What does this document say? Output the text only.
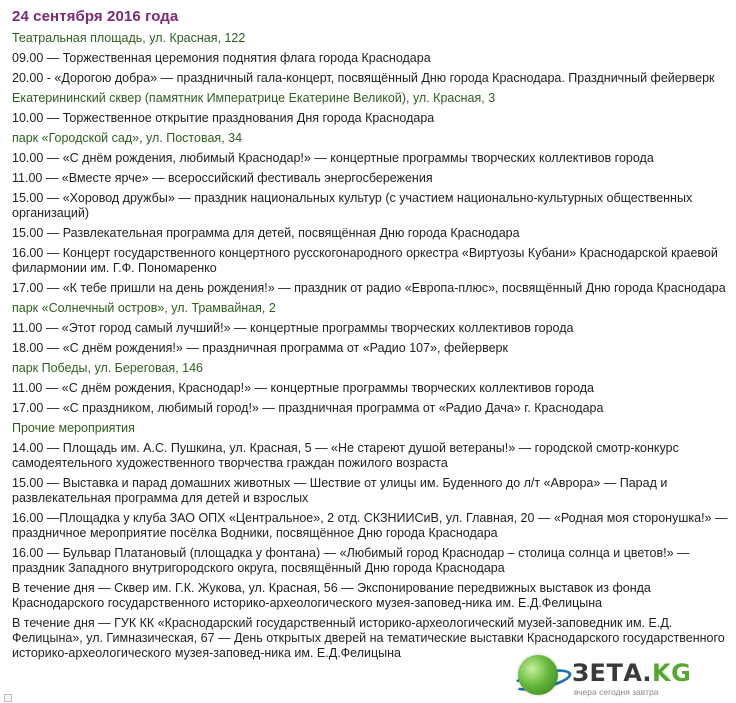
24 сентября 2016 года
Театральная площадь, ул. Красная, 122
09.00 — Торжественная церемония поднятия флага города Краснодара
20.00 - «Дорогою добра» — праздничный гала-концерт, посвящённый Дню города Краснодара. Праздничный фейерверк
Екатерининский сквер (памятник Императрице Екатерине Великой), ул. Красная, 3
10.00 — Торжественное открытие празднования Дня города Краснодара
парк «Городской сад», ул. Постовая, 34
10.00 — «С днём рождения, любимый Краснодар!» — концертные программы творческих коллективов города
11.00 — «Вместе ярче» — всероссийский фестиваль энергосбережения
15.00 — «Хоровод дружбы» — праздник национальных культур (с участием национально-культурных общественных организаций)
15.00 — Развлекательная программа для детей, посвящённая Дню города Краснодара
16.00 — Концерт государственного концертного русскогонародного оркестра «Виртуозы Кубани» Краснодарской краевой филармонии им. Г.Ф. Пономаренко
17.00 — «К тебе пришли на день рождения!» — праздник от радио «Европа-плюс», посвящённый Дню города Краснодара
парк «Солнечный остров», ул. Трамвайная, 2
11.00 — «Этот город самый лучший!» — концертные программы творческих коллективов города
18.00 — «С днём рождения!» — праздничная программа от «Радио 107», фейерверк
парк Победы, ул. Береговая, 146
11.00 — «С днём рождения, Краснодар!» — концертные программы творческих коллективов города
17.00 — «С праздником, любимый город!» — праздничная программа от «Радио Дача» г. Краснодара
Прочие мероприятия
14.00 — Площадь им. А.С. Пушкина, ул. Красная, 5 — «Не стареют душой ветераны!» — городской смотр-конкурс самодеятельного художественного творчества граждан пожилого возраста
15.00 — Выставка и парад домашних животных — Шествие от улицы им. Буденного до л/т «Аврора» — Парад и развлекательная программа для детей и взрослых
16.00 —Площадка у клуба ЗАО ОПХ «Центральное», 2 отд. СКЗНИИСиВ, ул. Главная, 20 — «Родная моя сторонушка!» — праздничное мероприятие посёлка Водники, посвящённое Дню города Краснодара
16.00 — Бульвар Платановый (площадка у фонтана) — «Любимый город Краснодар – столица солнца и цветов!» — праздник Западного внутригородского округа, посвящённый Дню города Краснодара
В течение дня — Сквер им. Г.К. Жукова, ул. Красная, 56 — Экспонирование передвижных выставок из фонда Краснодарского государственного историко-археологического музея-заповед-ника им. Е.Д.Фелицына
В течение дня — ГУК КК «Краснодарский государственный историко-археологический музей-заповедник им. Е.Д. Фелицына», ул. Гимназическая, 67 — День открытых дверей на тематические выставки Краснодарского государственного историко-археологического музея-заповед-ника им. Е.Д.Фелицына
ЗЕТА.KG
вчера сегодня завтра
